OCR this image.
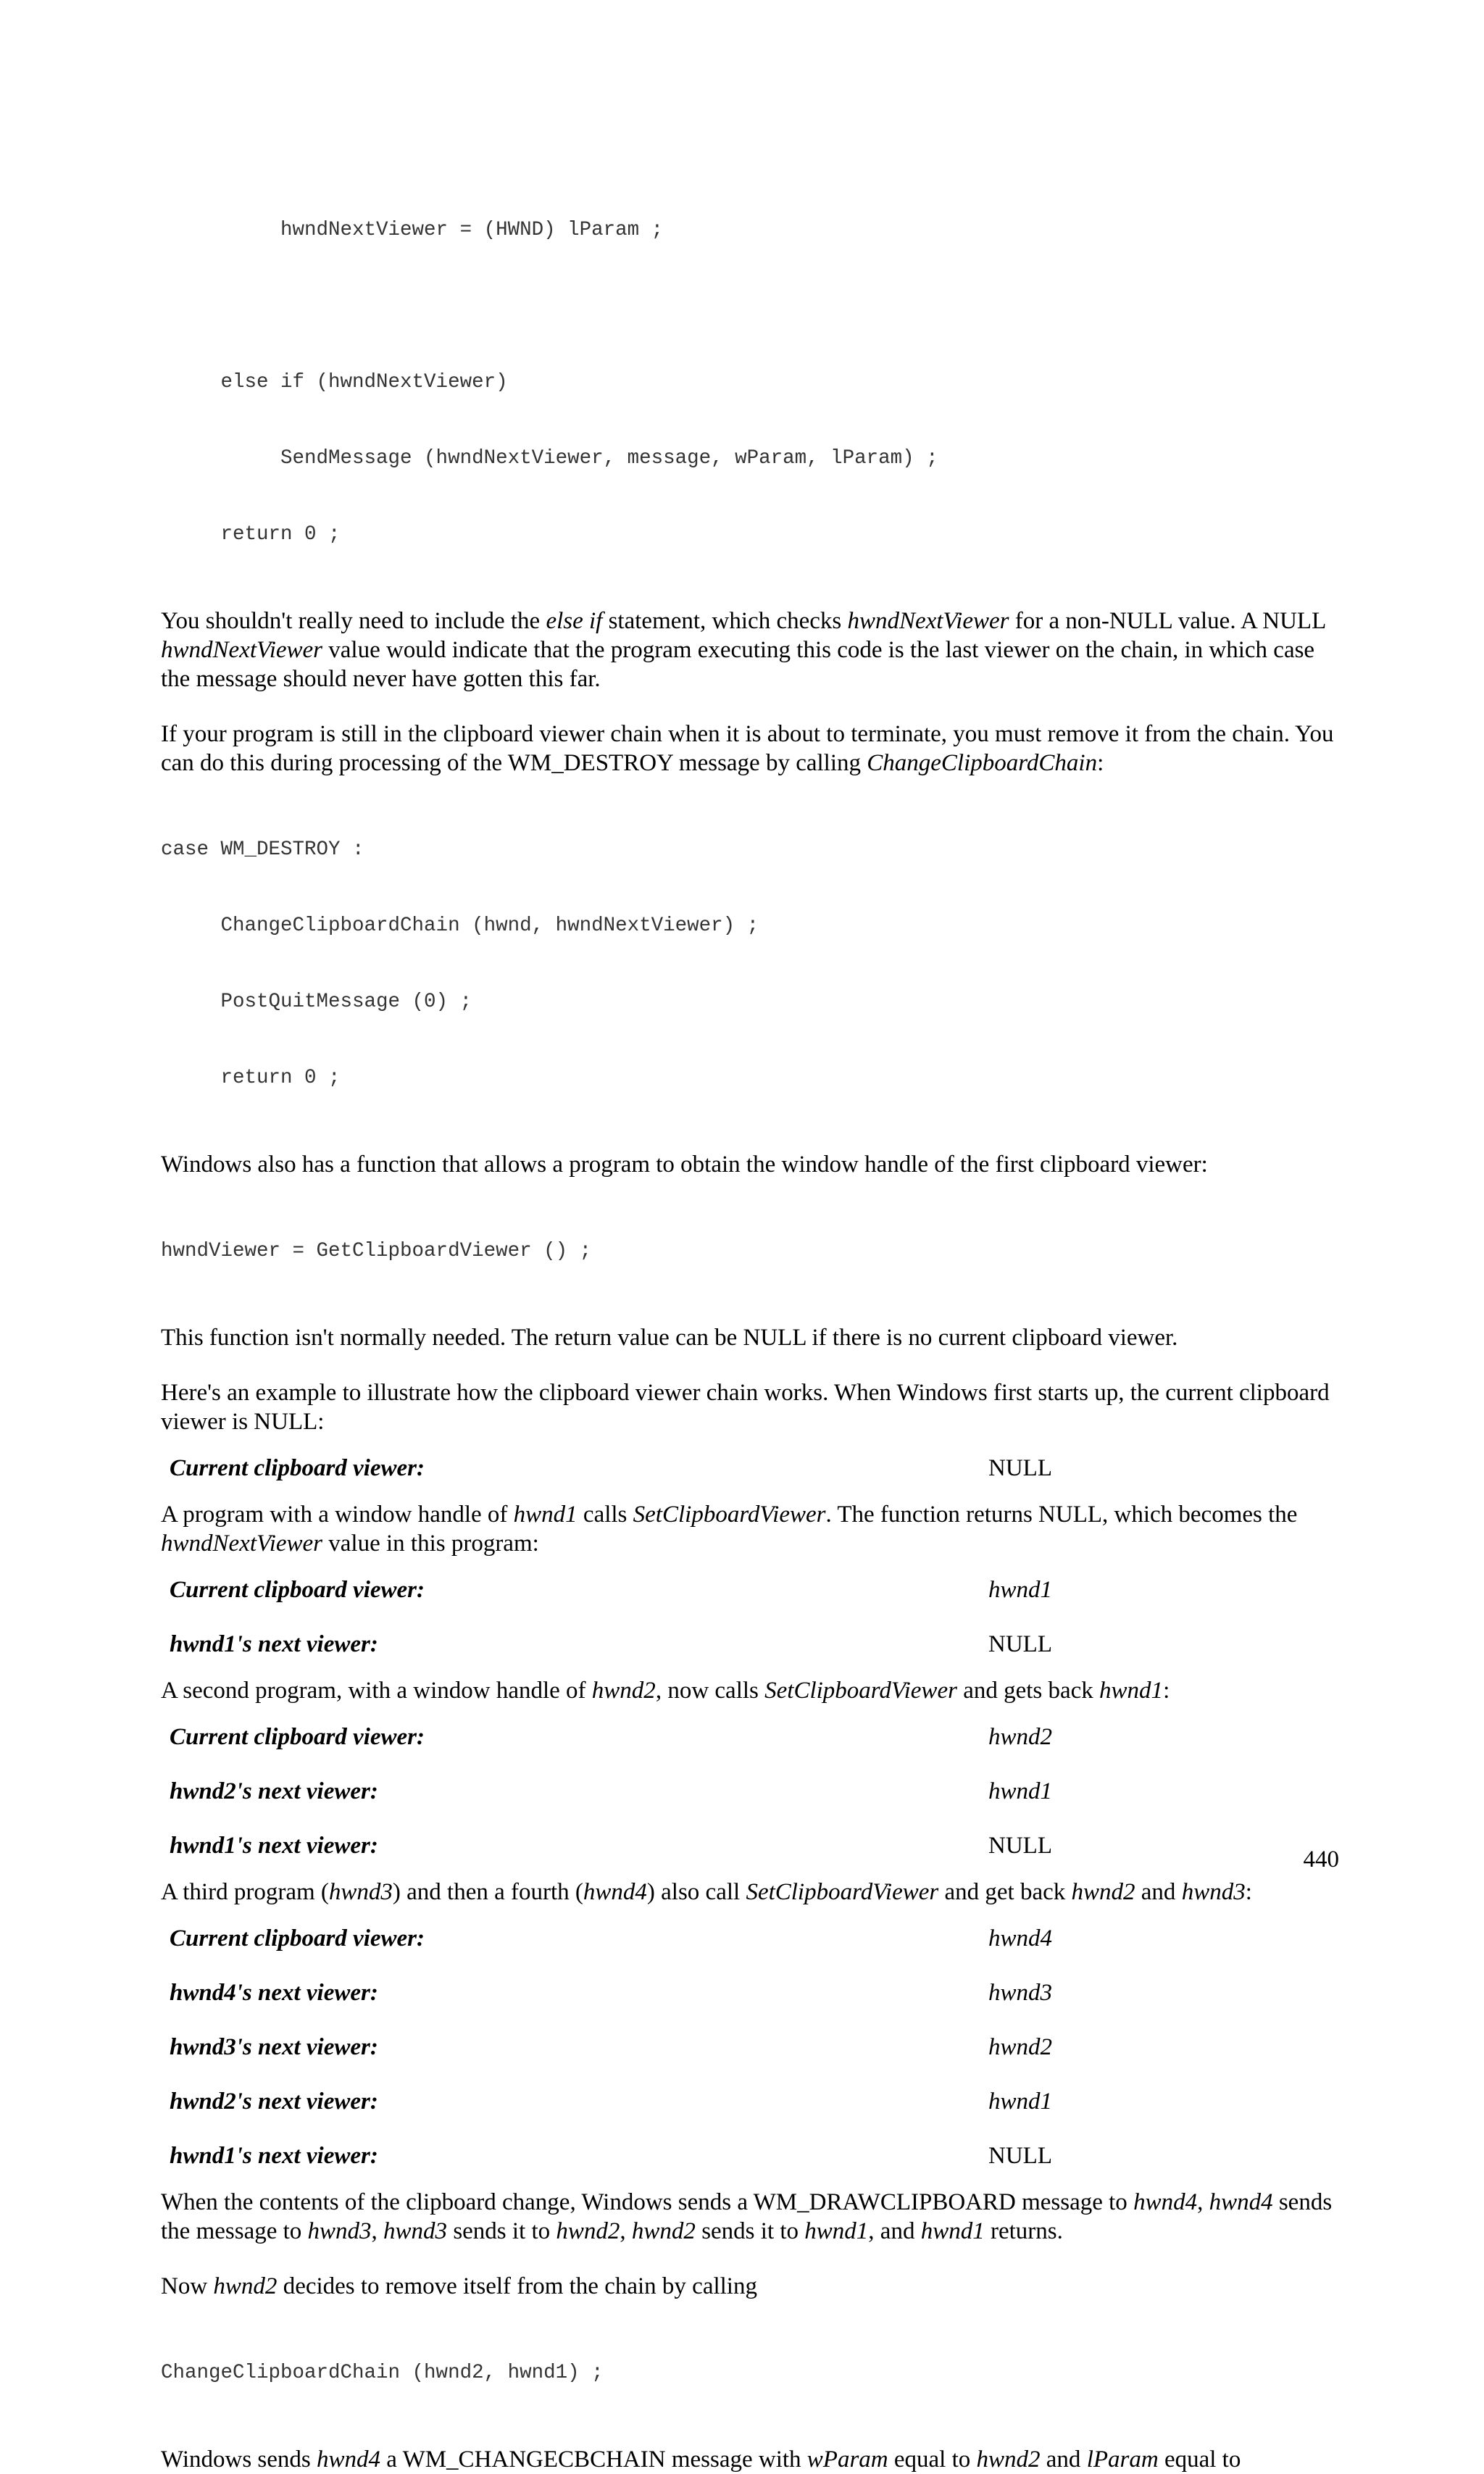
hwndNextViewer = (HWND) lParam ;

else if (hwndNextViewer)

SendMessage (hwndNextViewer, message, wParam, lParam) ;

return 0 ;

You shouldn't really need to include the else if statement, which checks hwndNextViewer for a non-NULL value. A NULL hwndNextViewer value would indicate that the program executing this code is the last viewer on the chain, in which case the message should never have gotten this far.

If your program is still in the clipboard viewer chain when it is about to terminate, you must remove it from the chain. You can do this during processing of the WM_DESTROY message by calling ChangeClipboardChain:

case WM_DESTROY :

ChangeClipboardChain (hwnd, hwndNextViewer) ;

PostQuitMessage (0) ;

return 0 ;

Windows also has a function that allows a program to obtain the window handle of the first clipboard viewer:

hwndViewer = GetClipboardViewer () ;

This function isn't normally needed. The return value can be NULL if there is no current clipboard viewer.

Here's an example to illustrate how the clipboard viewer chain works. When Windows first starts up, the current clipboard viewer is NULL:

Current clipboard viewer:	NULL

A program with a window handle of hwnd1 calls SetClipboardViewer. The function returns NULL, which becomes the hwndNextViewer value in this program:

Current clipboard viewer:	hwnd1
hwnd1's next viewer:	NULL

A second program, with a window handle of hwnd2, now calls SetClipboardViewer and gets back hwnd1:

Current clipboard viewer:	hwnd2
hwnd2's next viewer:	hwnd1
hwnd1's next viewer:	NULL

A third program (hwnd3) and then a fourth (hwnd4) also call SetClipboardViewer and get back hwnd2 and hwnd3:

Current clipboard viewer:	hwnd4
hwnd4's next viewer:	hwnd3
hwnd3's next viewer:	hwnd2
hwnd2's next viewer:	hwnd1
hwnd1's next viewer:	NULL

When the contents of the clipboard change, Windows sends a WM_DRAWCLIPBOARD message to hwnd4, hwnd4 sends the message to hwnd3, hwnd3 sends it to hwnd2, hwnd2 sends it to hwnd1, and hwnd1 returns.

Now hwnd2 decides to remove itself from the chain by calling

ChangeClipboardChain (hwnd2, hwnd1) ;

Windows sends hwnd4 a WM_CHANGECBCHAIN message with wParam equal to hwnd2 and lParam equal to

440
